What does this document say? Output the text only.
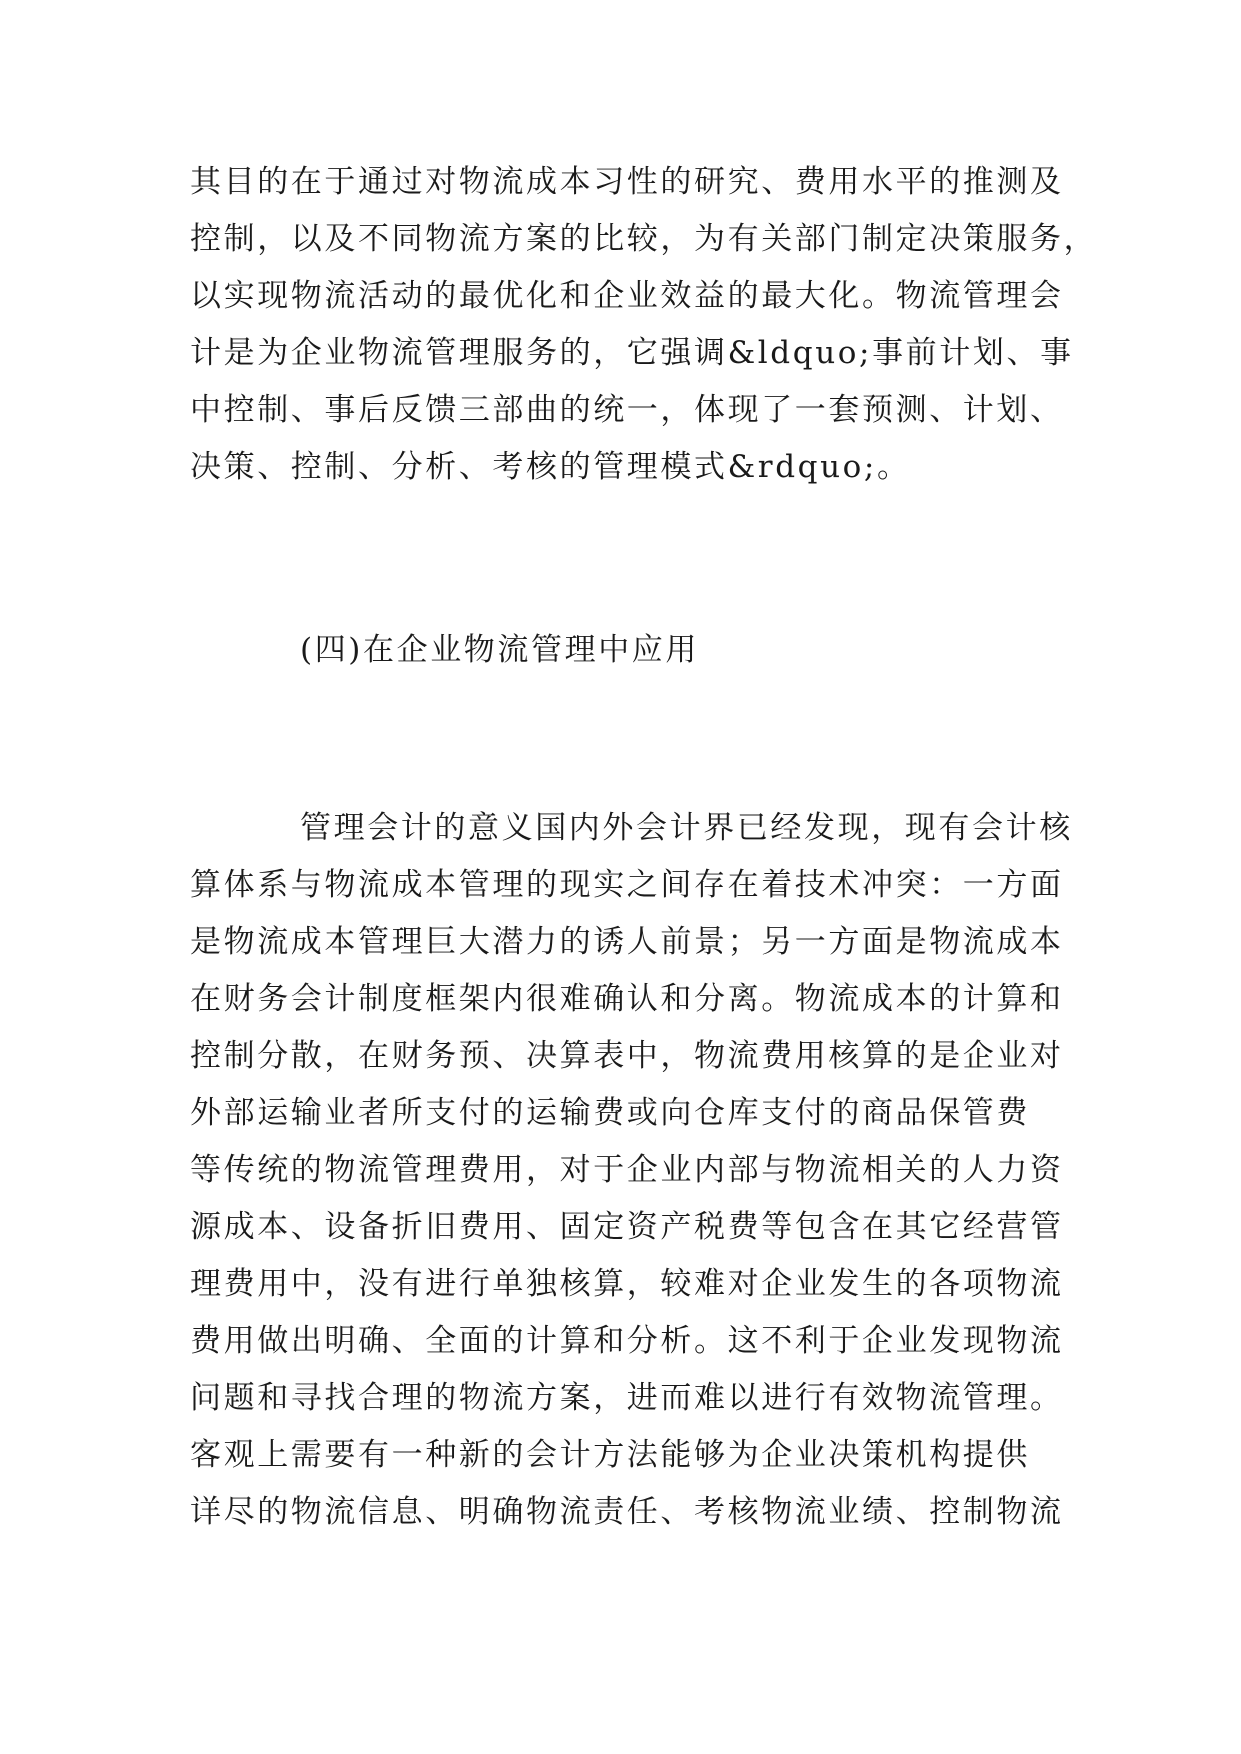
其目的在于通过对物流成本习性的研究、费用水平的推测及
控制，以及不同物流方案的比较，为有关部门制定决策服务，
以实现物流活动的最优化和企业效益的最大化。物流管理会
计是为企业物流管理服务的，它强调&ldquo;事前计划、事
中控制、事后反馈三部曲的统一，体现了一套预测、计划、
决策、控制、分析、考核的管理模式&rdquo;。
(四)在企业物流管理中应用
管理会计的意义国内外会计界已经发现，现有会计核
算体系与物流成本管理的现实之间存在着技术冲突：一方面
是物流成本管理巨大潜力的诱人前景；另一方面是物流成本
在财务会计制度框架内很难确认和分离。物流成本的计算和
控制分散，在财务预、决算表中，物流费用核算的是企业对
外部运输业者所支付的运输费或向仓库支付的商品保管费
等传统的物流管理费用，对于企业内部与物流相关的人力资
源成本、设备折旧费用、固定资产税费等包含在其它经营管
理费用中，没有进行单独核算，较难对企业发生的各项物流
费用做出明确、全面的计算和分析。这不利于企业发现物流
问题和寻找合理的物流方案，进而难以进行有效物流管理。
客观上需要有一种新的会计方法能够为企业决策机构提供
详尽的物流信息、明确物流责任、考核物流业绩、控制物流
